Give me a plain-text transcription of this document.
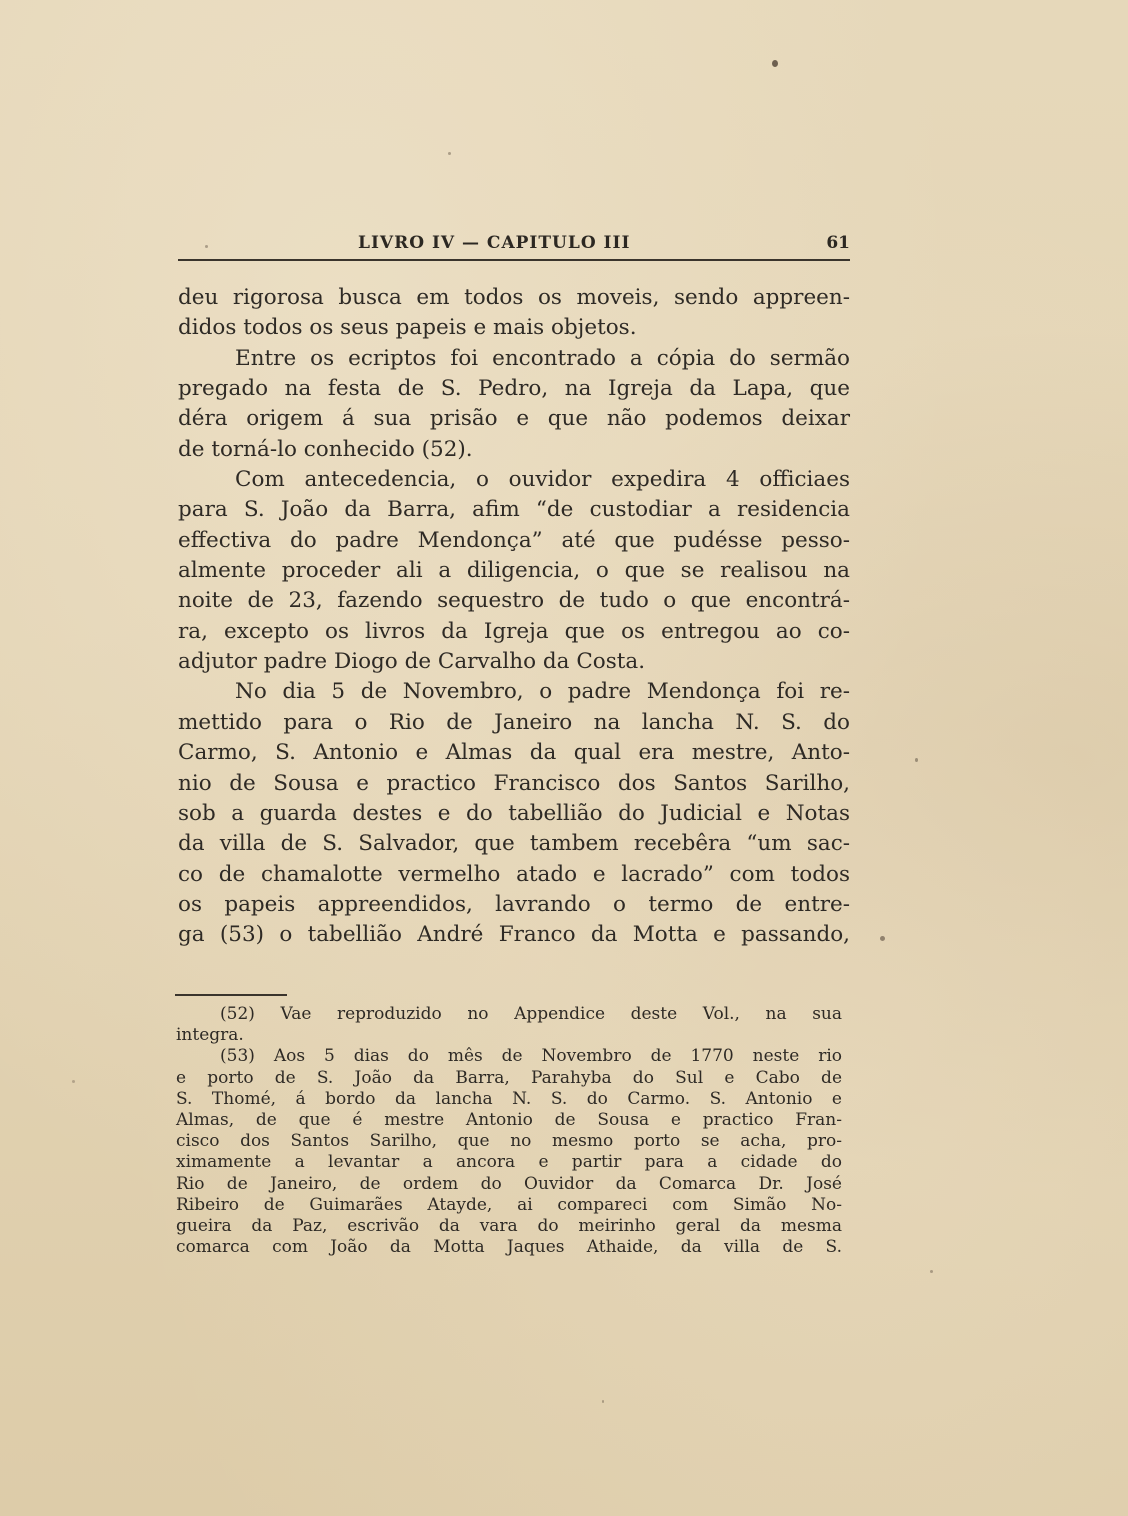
LIVRO IV — CAPITULO III	61
deu rigorosa busca em todos os moveis, sendo appreen-
didos todos os seus papeis e mais objetos.
Entre os ecriptos foi encontrado a cópia do sermão
pregado na festa de S. Pedro, na Igreja da Lapa, que
déra origem á sua prisão e que não podemos deixar
de torná-lo conhecido (52).
Com antecedencia, o ouvidor expedira 4 officiaes
para S. João da Barra, afim “de custodiar a residencia
effectiva do padre Mendonça” até que pudésse pesso-
almente proceder ali a diligencia, o que se realisou na
noite de 23, fazendo sequestro de tudo o que encontrá-
ra, excepto os livros da Igreja que os entregou ao co-
adjutor padre Diogo de Carvalho da Costa.
No dia 5 de Novembro, o padre Mendonça foi re-
mettido para o Rio de Janeiro na lancha N. S. do
Carmo, S. Antonio e Almas da qual era mestre, Anto-
nio de Sousa e practico Francisco dos Santos Sarilho,
sob a guarda destes e do tabellião do Judicial e Notas
da villa de S. Salvador, que tambem recebêra “um sac-
co de chamalotte vermelho atado e lacrado” com todos
os papeis appreendidos, lavrando o termo de entre-
ga (53) o tabellião André Franco da Motta e passando,
(52) Vae reproduzido no Appendice deste Vol., na sua
integra.
(53) Aos 5 dias do mês de Novembro de 1770 neste rio
e porto de S. João da Barra, Parahyba do Sul e Cabo de
S. Thomé, á bordo da lancha N. S. do Carmo. S. Antonio e
Almas, de que é mestre Antonio de Sousa e practico Fran-
cisco dos Santos Sarilho, que no mesmo porto se acha, pro-
ximamente a levantar a ancora e partir para a cidade do
Rio de Janeiro, de ordem do Ouvidor da Comarca Dr. José
Ribeiro de Guimarães Atayde, ai compareci com Simão No-
gueira da Paz, escrivão da vara do meirinho geral da mesma
comarca com João da Motta Jaques Athaide, da villa de S.
